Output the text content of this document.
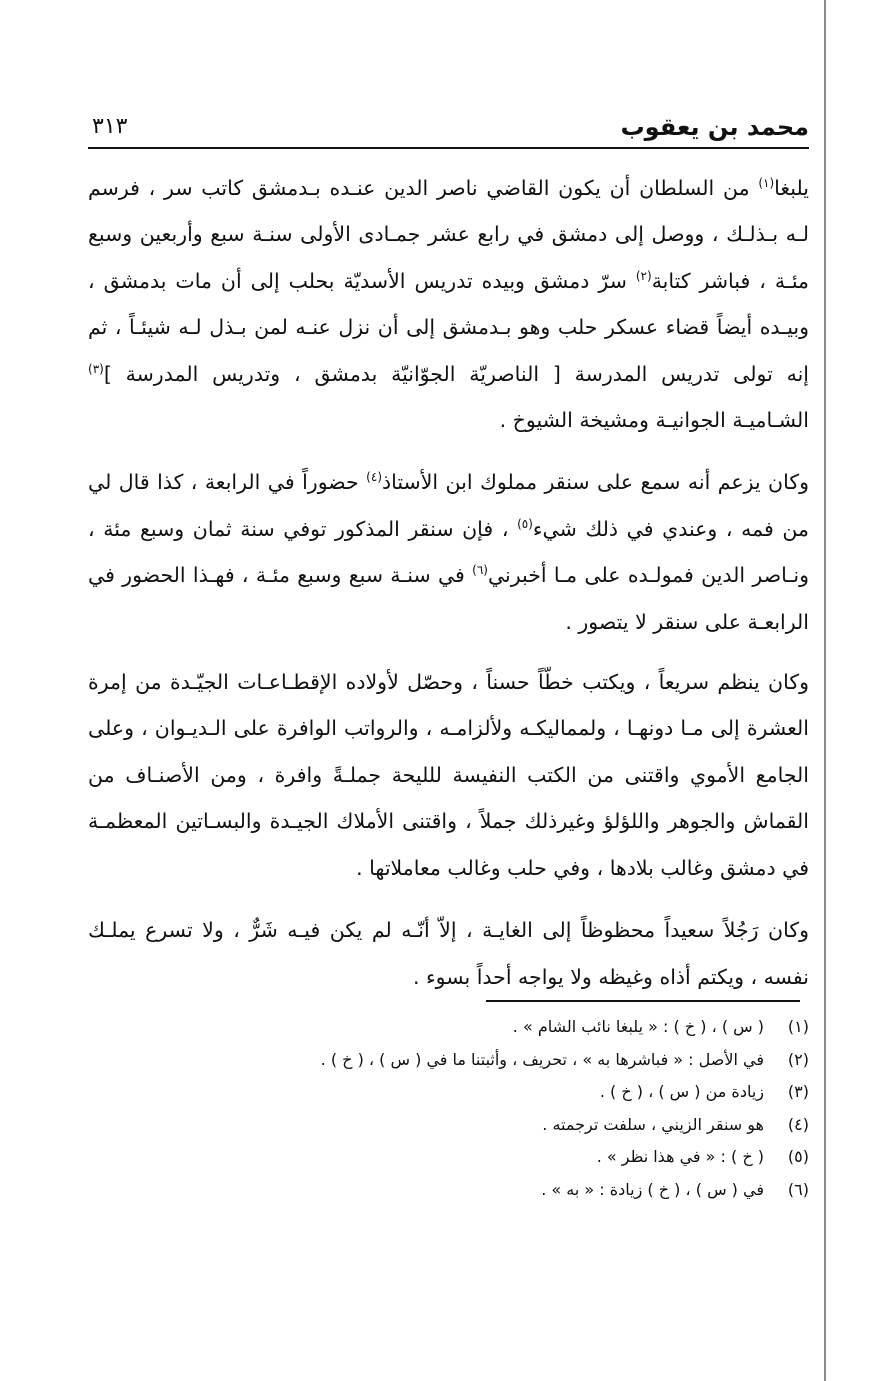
محمد بن يعقوب
٣١٣

يلبغا$^{(١)}$ من السلطان أن يكون القاضي ناصر الدين عنـده بـدمشق كاتب سر ، فرسم لـه بـذلـك ، ووصل إلى دمشق في رابع عشر جمـادى الأولى سنـة سبع وأربعين وسبع مئـة ، فباشر كتابة$^{(٢)}$ سرّ دمشق وبيده تدريس الأسديّة بحلب إلى أن مات بدمشق ، وبيـده أيضاً قضاء عسكر حلب وهو بـدمشق إلى أن نزل عنـه لمن بـذل لـه شيئـاً ، ثم إنه تولى تدريس المدرسة [ الناصريّة الجوّانيّة بدمشق ، وتدريس المدرسة ]$^{(٣)}$ الشـاميـة الجوانيـة ومشيخة الشيوخ .

وكان يزعم أنه سمع على سنقر مملوك ابن الأستاذ$^{(٤)}$ حضوراً في الرابعة ، كذا قال لي من فمه ، وعندي في ذلك شيء$^{(٥)}$ ، فإن سنقر المذكور توفي سنة ثمان وسبع مئة ، ونـاصر الدين فمولـده على مـا أخبرني$^{(٦)}$ في سنـة سبع وسبع مئـة ، فهـذا الحضور في الرابعـة على سنقر لا يتصور .

وكان ينظم سريعاً ، ويكتب خطّاً حسناً ، وحصّل لأولاده الإقطـاعـات الجيّـدة من إمرة العشرة إلى مـا دونهـا ، ولمماليكـه ولألزامـه ، والرواتب الوافرة على الـديـوان ، وعلى الجامع الأموي واقتنى من الكتب النفيسة للليحة جملـةً وافرة ، ومن الأصنـاف من القماش والجوهر واللؤلؤ وغيرذلك جملاً ، واقتنى الأملاك الجيـدة والبسـاتين المعظمـة في دمشق وغالب بلادها ، وفي حلب وغالب معاملاتها .

وكان رَجُلاً سعيداً محظوظاً إلى الغايـة ، إلاّ أنّـه لم يكن فيـه شَرٌّ ، ولا تسرع يملـك نفسه ، ويكتم أذاه وغيظه ولا يواجه أحداً بسوء .

(١)
( س ) ، ( خ ) : « يلبغا نائب الشام » .
(٢)
في الأصل : « فباشرها به » ، تحريف ، وأثبتنا ما في ( س ) ، ( خ ) .
(٣)
زيادة من ( س ) ، ( خ ) .
(٤)
هو سنقر الزيني ، سلفت ترجمته .
(٥)
( خ ) : « في هذا نظر » .
(٦)
في ( س ) ، ( خ ) زيادة : « به » .
